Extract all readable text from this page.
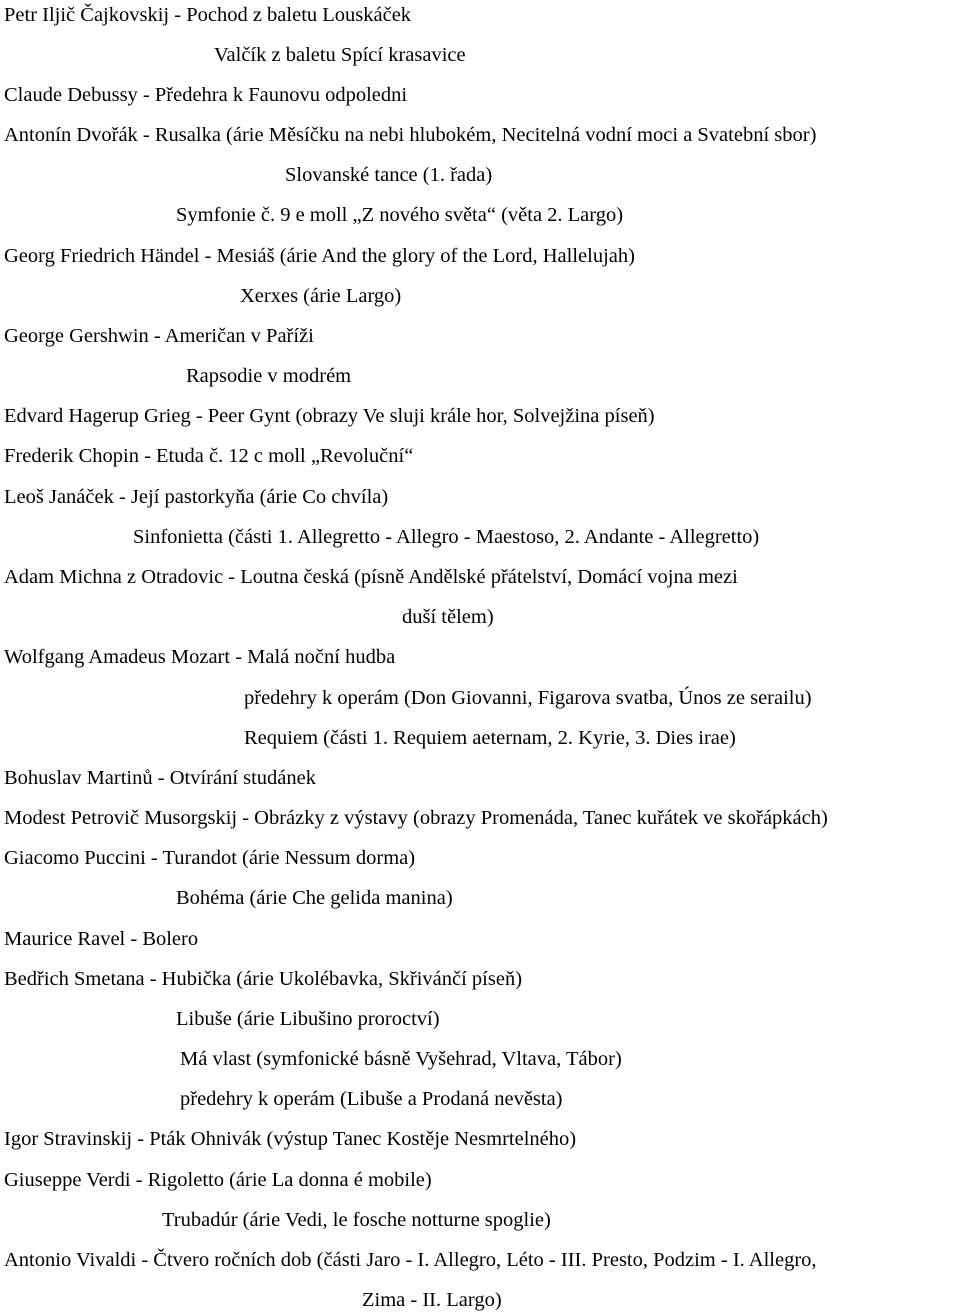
Petr Iljič Čajkovskij - Pochod z baletu Louskáček

Valčík z baletu Spící krasavice

Claude Debussy - Předehra k Faunovu odpoledni

Antonín Dvořák - Rusalka (árie Měsíčku na nebi hlubokém, Necitelná vodní moci a Svatební sbor)

Slovanské tance (1. řada)

Symfonie č. 9 e moll „Z nového světa“ (věta 2. Largo)

Georg Friedrich Händel - Mesiáš (árie And the glory of the Lord, Hallelujah)

Xerxes (árie Largo)

George Gershwin - Američan v Paříži

Rapsodie v modrém

Edvard Hagerup Grieg - Peer Gynt (obrazy Ve sluji krále hor, Solvejžina píseň)

Frederik Chopin - Etuda č. 12 c moll „Revoluční“

Leoš Janáček - Její pastorkyňa (árie Co chvíla)

Sinfonietta (části 1. Allegretto - Allegro - Maestoso, 2. Andante - Allegretto)

Adam Michna z Otradovic - Loutna česká (písně Andělské přátelství, Domácí vojna mezi

duší tělem)

Wolfgang Amadeus Mozart - Malá noční hudba

předehry k operám (Don Giovanni, Figarova svatba, Únos ze serailu)

Requiem (části 1. Requiem aeternam, 2. Kyrie, 3. Dies irae)

Bohuslav Martinů - Otvírání studánek

Modest Petrovič Musorgskij - Obrázky z výstavy (obrazy Promenáda, Tanec kuřátek ve skořápkách)

Giacomo Puccini - Turandot (árie Nessum dorma)

Bohéma (árie Che gelida manina)

Maurice Ravel - Bolero

Bedřich Smetana - Hubička (árie Ukolébavka, Skřivánčí píseň)

Libuše (árie Libušino proroctví)

Má vlast (symfonické básně Vyšehrad, Vltava, Tábor)

předehry k operám (Libuše a Prodaná nevěsta)

Igor Stravinskij - Pták Ohnivák (výstup Tanec Kostěje Nesmrtelného)

Giuseppe Verdi - Rigoletto (árie La donna é mobile)

Trubadúr (árie Vedi, le fosche notturne spoglie)

Antonio Vivaldi - Čtvero ročních dob (části Jaro - I. Allegro, Léto - III. Presto, Podzim - I. Allegro,

Zima - II. Largo)
